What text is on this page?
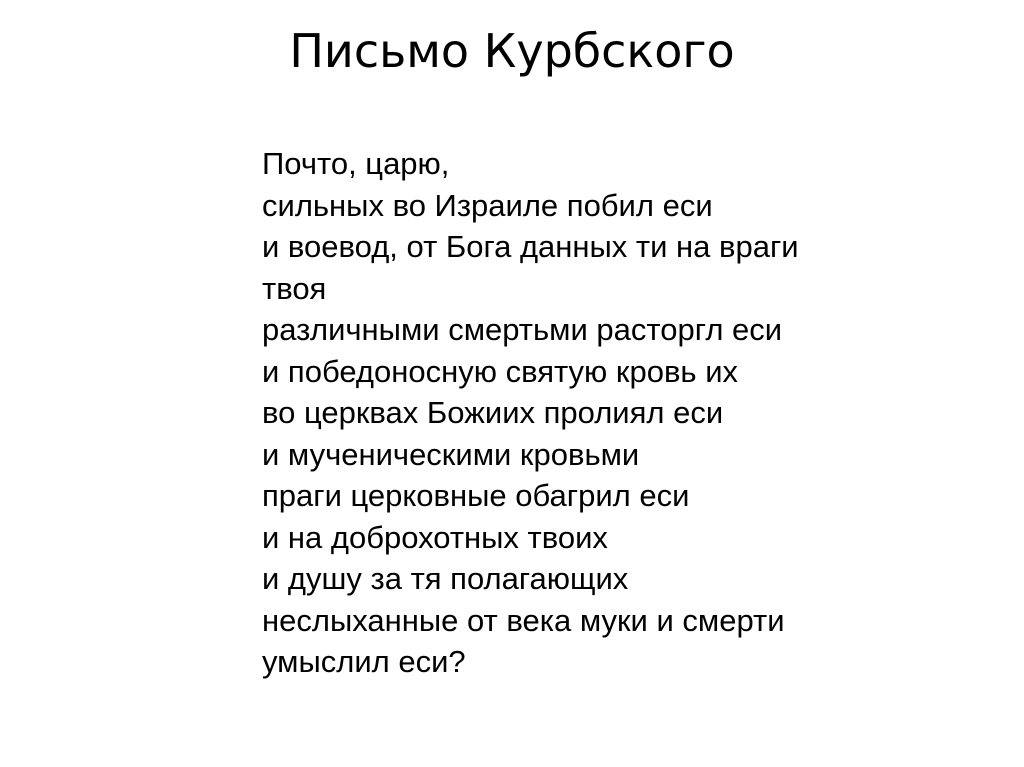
Письмо Курбского
Почто, царю,
сильных во Израиле побил еси
и воевод, от Бога данных ти на враги
твоя
различными смертьми расторгл еси
и победоносную святую кровь их
во церквах Божиих пролиял еси
и мученическими кровьми
праги церковные обагрил еси
и на доброхотных твоих
и душу за тя полагающих
неслыханные от века муки и смерти
умыслил еси?
